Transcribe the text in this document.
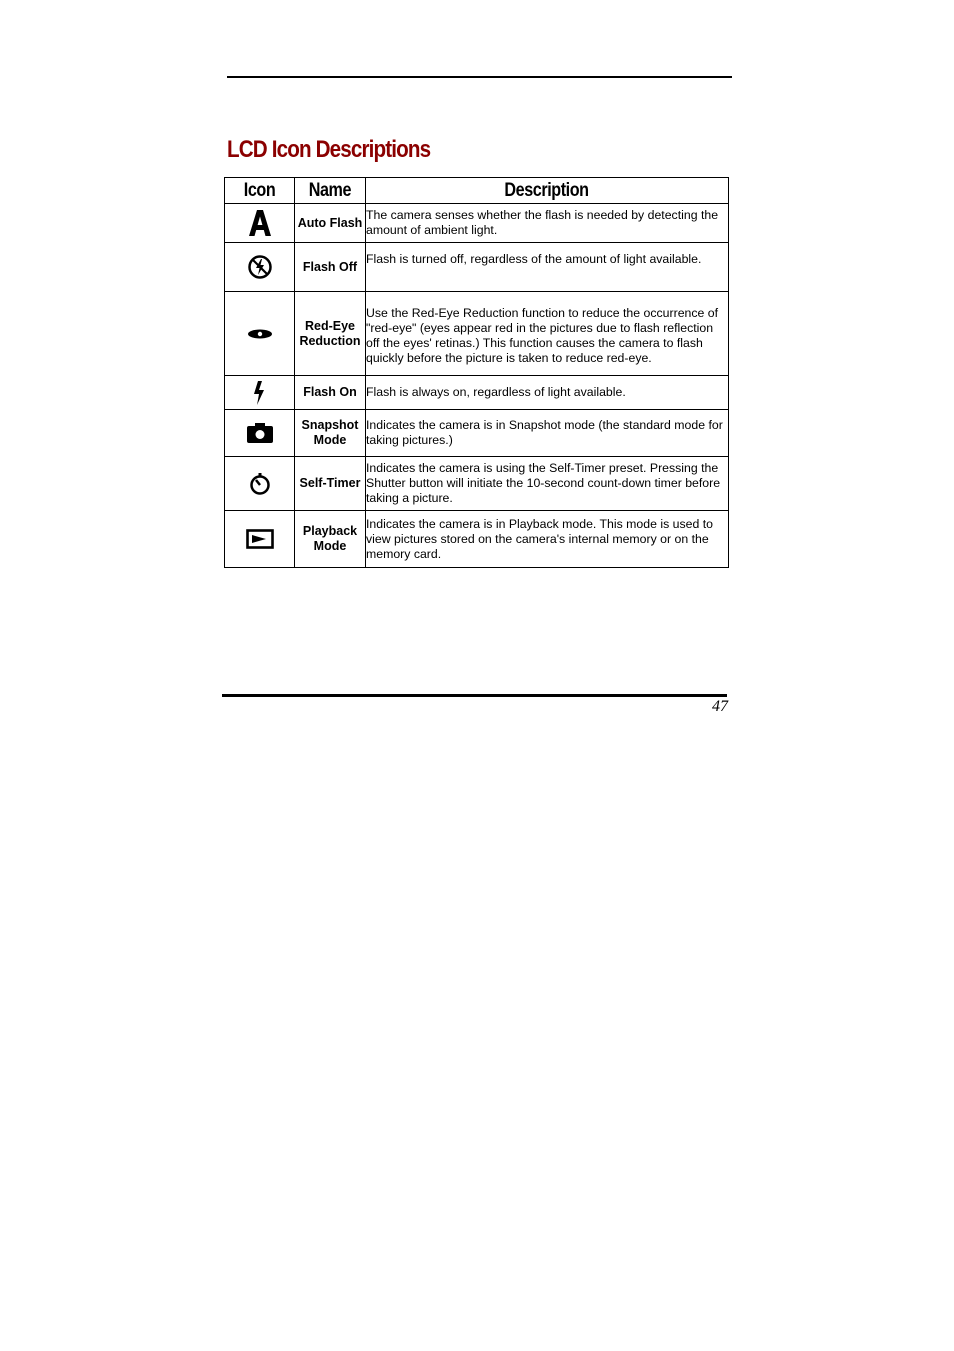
LCD Icon Descriptions
Icon	Name	Description

	Auto Flash	The camera senses whether the flash is needed by detecting the amount of ambient light.

	Flash Off	Flash is turned off, regardless of the amount of light available.

	Red-Eye Reduction	Use the Red-Eye Reduction function to reduce the occurrence of "red-eye" (eyes appear red in the pictures due to flash reflection off the eyes' retinas.) This function causes the camera to flash quickly before the picture is taken to reduce red-eye.

	Flash On	Flash is always on, regardless of light available.

	Snapshot Mode	Indicates the camera is in Snapshot mode (the standard mode for taking pictures.)

	Self-Timer	Indicates the camera is using the Self-Timer preset. Pressing the Shutter button will initiate the 10-second count-down timer before taking a picture.

	Playback Mode	Indicates the camera is in Playback mode. This mode is used to view pictures stored on the camera's internal memory or on the memory card.
47
